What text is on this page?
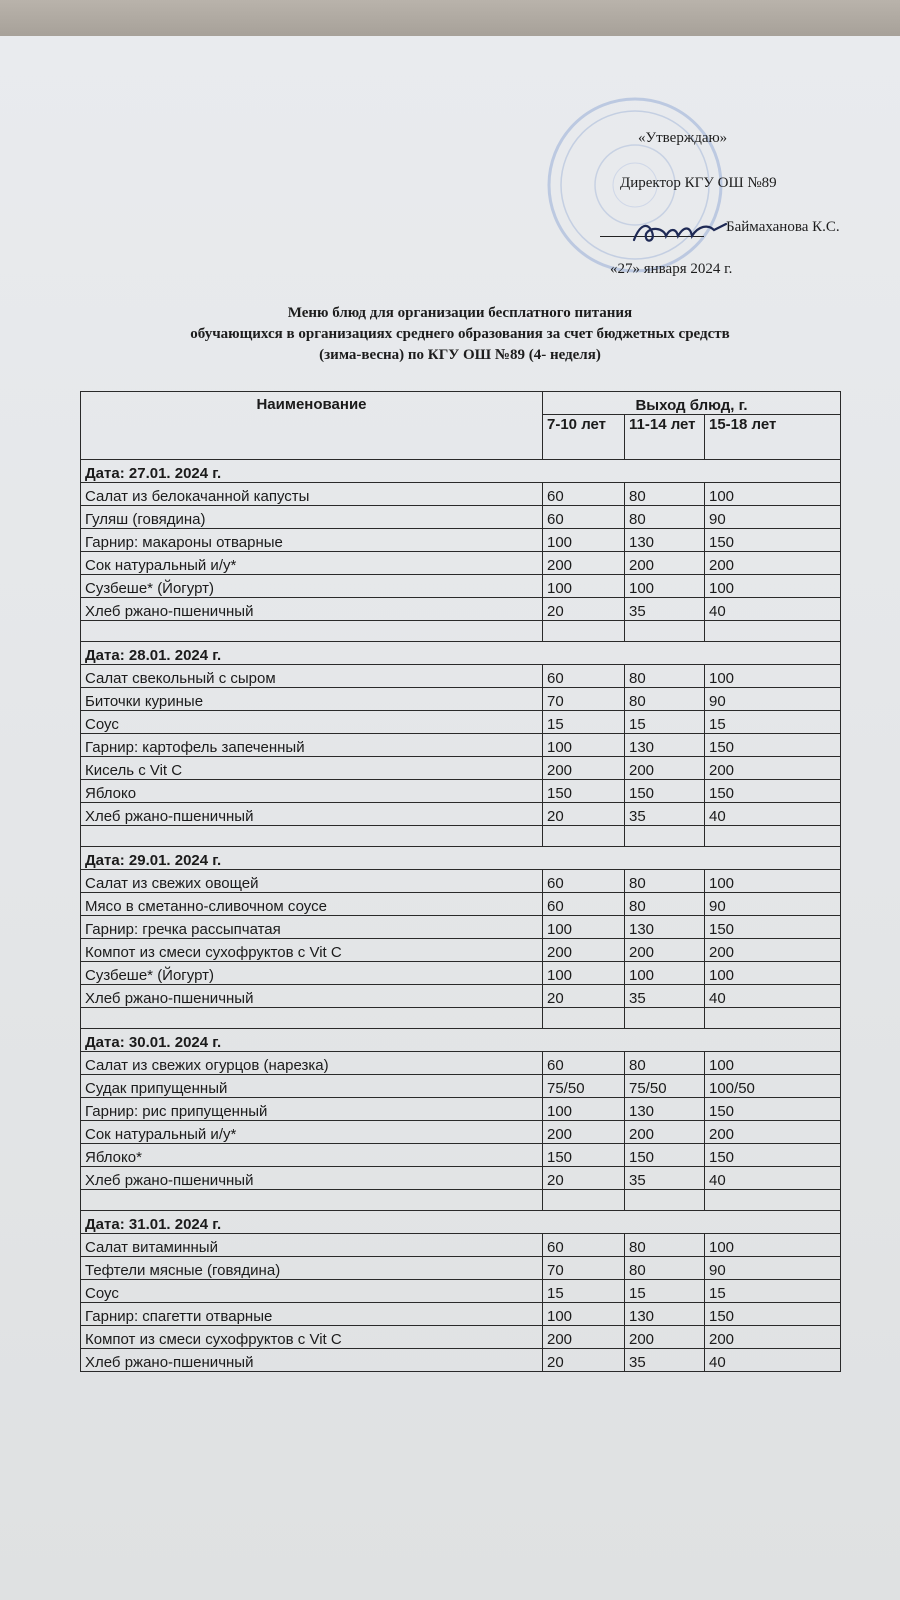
«Утверждаю»
Директор КГУ ОШ №89
Баймаханова К.С.
«27» января 2024 г.
Меню блюд для организации бесплатного питания
обучающихся в организациях среднего образования за счет бюджетных средств
(зима-весна) по КГУ ОШ №89 (4- неделя)
Наименование	Выход блюд, г.		
	7-10 лет	11-14 лет	15-18 лет
Дата: 27.01. 2024 г.			
Салат из белокачанной капусты	60	80	100
Гуляш (говядина)	60	80	90
Гарнир: макароны отварные	100	130	150
Сок натуральный и/у*	200	200	200
Сузбеше* (Йогурт)	100	100	100
Хлеб ржано-пшеничный	20	35	40

Дата: 28.01. 2024 г.			
Салат свекольный с сыром	60	80	100
Биточки куриные	70	80	90
Соус	15	15	15
Гарнир: картофель запеченный	100	130	150
Кисель с Vit C	200	200	200
Яблоко	150	150	150
Хлеб ржано-пшеничный	20	35	40

Дата: 29.01. 2024 г.			
Салат из свежих овощей	60	80	100
Мясо в сметанно-сливочном соусе	60	80	90
Гарнир: гречка рассыпчатая	100	130	150
Компот из смеси сухофруктов с Vit C	200	200	200
Сузбеше* (Йогурт)	100	100	100
Хлеб ржано-пшеничный	20	35	40

Дата: 30.01. 2024 г.			
Салат из свежих огурцов (нарезка)	60	80	100
Судак припущенный	75/50	75/50	100/50
Гарнир: рис припущенный	100	130	150
Сок натуральный и/у*	200	200	200
Яблоко*	150	150	150
Хлеб ржано-пшеничный	20	35	40

Дата: 31.01. 2024 г.			
Салат витаминный	60	80	100
Тефтели мясные (говядина)	70	80	90
Соус	15	15	15
Гарнир: спагетти отварные	100	130	150
Компот из смеси сухофруктов с Vit C	200	200	200
Хлеб ржано-пшеничный	20	35	40
